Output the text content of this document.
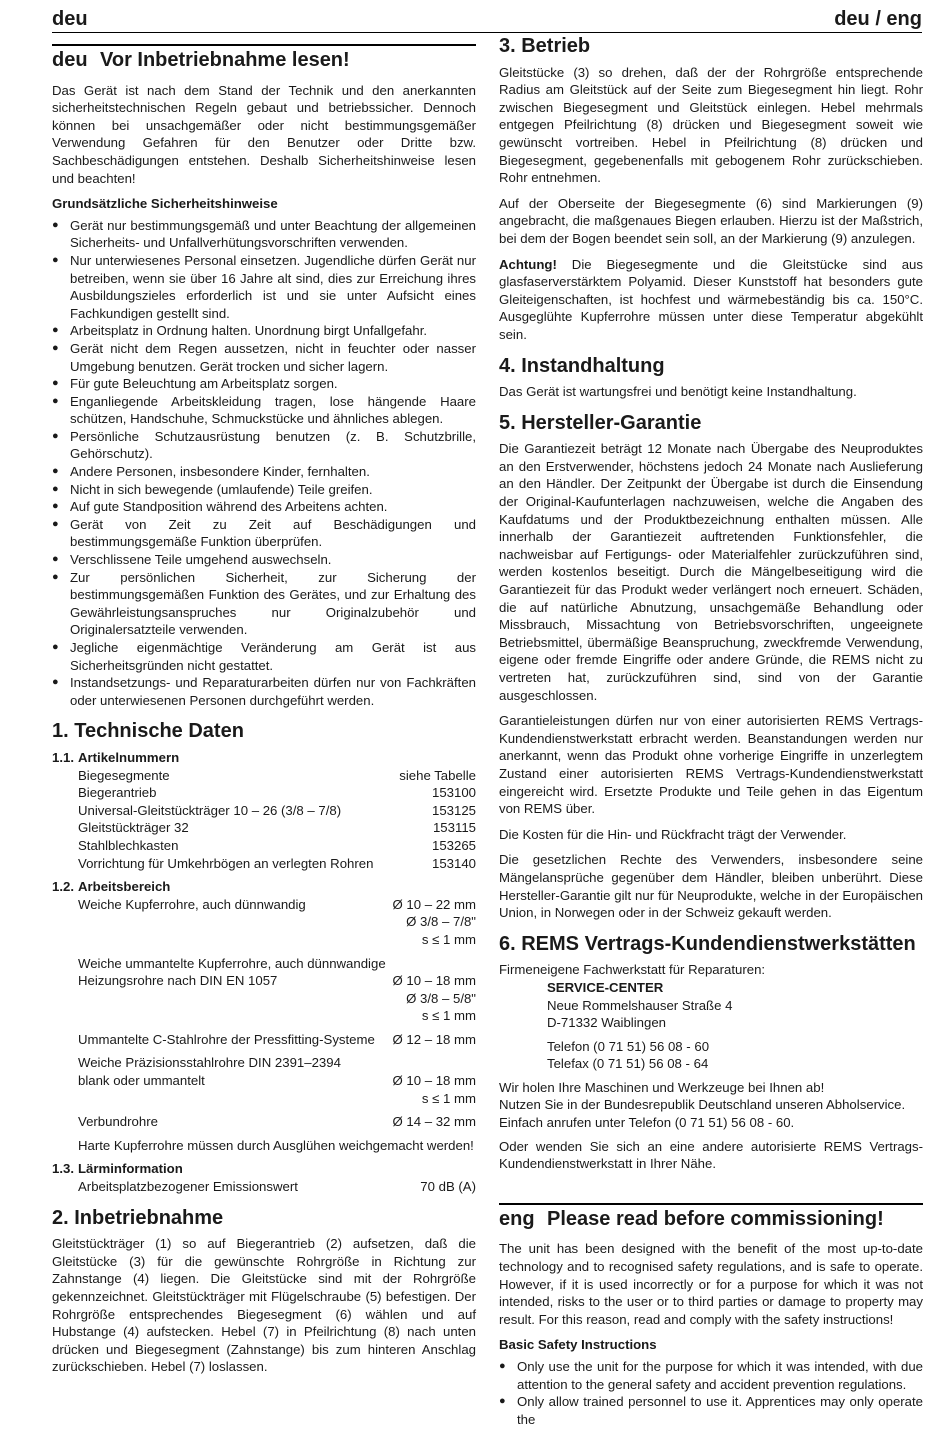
deu	deu / eng
deu Vor Inbetriebnahme lesen!

Das Gerät ist nach dem Stand der Technik und den anerkannten sicherheitstechnischen Regeln gebaut und betriebssicher. Dennoch können bei unsachgemäßer oder nicht bestimmungsgemäßer Verwendung Gefahren für den Benutzer oder Dritte bzw. Sachbeschädigungen entstehen. Deshalb Sicherheitshinweise lesen und beachten!

Grundsätzliche Sicherheitshinweise
● Gerät nur bestimmungsgemäß und unter Beachtung der allgemeinen Sicherheits- und Unfallverhütungsvorschriften verwenden.
● Nur unterwiesenes Personal einsetzen. Jugendliche dürfen Gerät nur betreiben, wenn sie über 16 Jahre alt sind, dies zur Erreichung ihres Ausbildungszieles erforderlich ist und sie unter Aufsicht eines Fachkundigen gestellt sind.
● Arbeitsplatz in Ordnung halten. Unordnung birgt Unfallgefahr.
● Gerät nicht dem Regen aussetzen, nicht in feuchter oder nasser Umgebung benutzen. Gerät trocken und sicher lagern.
● Für gute Beleuchtung am Arbeitsplatz sorgen.
● Enganliegende Arbeitskleidung tragen, lose hängende Haare schützen, Handschuhe, Schmuckstücke und ähnliches ablegen.
● Persönliche Schutzausrüstung benutzen (z. B. Schutzbrille, Gehörschutz).
● Andere Personen, insbesondere Kinder, fernhalten.
● Nicht in sich bewegende (umlaufende) Teile greifen.
● Auf gute Standposition während des Arbeitens achten.
● Gerät von Zeit zu Zeit auf Beschädigungen und bestimmungsgemäße Funktion überprüfen.
● Verschlissene Teile umgehend auswechseln.
● Zur persönlichen Sicherheit, zur Sicherung der bestimmungsgemäßen Funktion des Gerätes, und zur Erhaltung des Gewährleistungsanspruches nur Originalzubehör und Originalersatzteile verwenden.
● Jegliche eigenmächtige Veränderung am Gerät ist aus Sicherheitsgründen nicht gestattet.
● Instandsetzungs- und Reparaturarbeiten dürfen nur von Fachkräften oder unterwiesenen Personen durchgeführt werden.
1. Technische Daten
1.1. Artikelnummern
Biegesegmente	siehe Tabelle
Biegerantrieb	153100
Universal-Gleitstückträger 10 – 26 (3/8 – 7/8)	153125
Gleitstückträger 32	153115
Stahlblechkasten	153265
Vorrichtung für Umkehrbögen an verlegten Rohren	153140
1.2. Arbeitsbereich
Weiche Kupferrohre, auch dünnwandig	Ø 10 – 22 mm
Ø 3/8 – 7/8"
s ≤ 1 mm
Weiche ummantelte Kupferrohre, auch dünnwandige
Heizungsrohre nach DIN EN 1057	Ø 10 – 18 mm
Ø 3/8 – 5/8"
s ≤ 1 mm
Ummantelte C-Stahlrohre der Pressfitting-Systeme Ø 12 – 18 mm
Weiche Präzisionsstahlrohre DIN 2391–2394
blank oder ummantelt	Ø 10 – 18 mm
s ≤ 1 mm
Verbundrohre	Ø 14 – 32 mm
Harte Kupferrohre müssen durch Ausglühen weichgemacht werden!
1.3. Lärminformation
Arbeitsplatzbezogener Emissionswert	70 dB (A)
2. Inbetriebnahme

Gleitstückträger (1) so auf Biegerantrieb (2) aufsetzen, daß die Gleitstücke (3) für die gewünschte Rohrgröße in Richtung zur Zahnstange (4) liegen. Die Gleitstücke sind mit der Rohrgröße gekennzeichnet. Gleitstückträger mit Flügelschraube (5) befestigen. Der Rohrgröße entsprechendes Biegesegment (6) wählen und auf Hubstange (4) aufstecken. Hebel (7) in Pfeilrichtung (8) nach unten drücken und Biegesegment (Zahnstange) bis zum hinteren Anschlag zurückschieben. Hebel (7) loslassen.

3. Betrieb

Gleitstücke (3) so drehen, daß der der Rohrgröße entsprechende Radius am Gleitstück auf der Seite zum Biegesegment hin liegt. Rohr zwischen Biegesegment und Gleitstück einlegen. Hebel mehrmals entgegen Pfeilrichtung (8) drücken und Biegesegment soweit wie gewünscht vortreiben. Hebel in Pfeilrichtung (8) drücken und Biegesegment, gegebenenfalls mit gebogenem Rohr zurückschieben. Rohr entnehmen.

Auf der Oberseite der Biegesegmente (6) sind Markierungen (9) angebracht, die maßgenaues Biegen erlauben. Hierzu ist der Maßstrich, bei dem der Bogen beendet sein soll, an der Markierung (9) anzulegen.

Achtung! Die Biegesegmente und die Gleitstücke sind aus glasfaserverstärktem Polyamid. Dieser Kunststoff hat besonders gute Gleiteigenschaften, ist hochfest und wärmebeständig bis ca. 150°C. Ausgeglühte Kupferrohre müssen unter diese Temperatur abgekühlt sein.

4. Instandhaltung

Das Gerät ist wartungsfrei und benötigt keine Instandhaltung.

5. Hersteller-Garantie

Die Garantiezeit beträgt 12 Monate nach Übergabe des Neuproduktes an den Erstverwender, höchstens jedoch 24 Monate nach Auslieferung an den Händler. Der Zeitpunkt der Übergabe ist durch die Einsendung der Original-Kaufunterlagen nachzuweisen, welche die Angaben des Kaufdatums und der Produktbezeichnung enthalten müssen. Alle innerhalb der Garantiezeit auftretenden Funktionsfehler, die nachweisbar auf Fertigungs- oder Materialfehler zurückzuführen sind, werden kostenlos beseitigt. Durch die Mängelbeseitigung wird die Garantiezeit für das Produkt weder verlängert noch erneuert. Schäden, die auf natürliche Abnutzung, unsachgemäße Behandlung oder Missbrauch, Missachtung von Betriebsvorschriften, ungeeignete Betriebsmittel, übermäßige Beanspruchung, zweckfremde Verwendung, eigene oder fremde Eingriffe oder andere Gründe, die REMS nicht zu vertreten hat, zurückzuführen sind, sind von der Garantie ausgeschlossen.

Garantieleistungen dürfen nur von einer autorisierten REMS Vertrags-Kundendienstwerkstatt erbracht werden. Beanstandungen werden nur anerkannt, wenn das Produkt ohne vorherige Eingriffe in unzerlegtem Zustand einer autorisierten REMS Vertrags-Kundendienstwerkstatt eingereicht wird. Ersetzte Produkte und Teile gehen in das Eigentum von REMS über.

Die Kosten für die Hin- und Rückfracht trägt der Verwender.

Die gesetzlichen Rechte des Verwenders, insbesondere seine Mängelansprüche gegenüber dem Händler, bleiben unberührt. Diese Hersteller-Garantie gilt nur für Neuprodukte, welche in der Europäischen Union, in Norwegen oder in der Schweiz gekauft werden.

6. REMS Vertrags-Kundendienstwerkstätten
Firmeneigene Fachwerkstatt für Reparaturen:
SERVICE-CENTER
Neue Rommelshauser Straße 4
D-71332 Waiblingen
Telefon (0 71 51) 56 08 - 60
Telefax (0 71 51) 56 08 - 64
Wir holen Ihre Maschinen und Werkzeuge bei Ihnen ab!
Nutzen Sie in der Bundesrepublik Deutschland unseren Abholservice.
Einfach anrufen unter Telefon (0 71 51) 56 08 - 60.

Oder wenden Sie sich an eine andere autorisierte REMS Vertrags-Kundendienstwerkstatt in Ihrer Nähe.

eng Please read before commissioning!

The unit has been designed with the benefit of the most up-to-date technology and to recognised safety regulations, and is safe to operate. However, if it is used incorrectly or for a purpose for which it was not intended, risks to the user or to third parties or damage to property may result. For this reason, read and comply with the safety instructions!

Basic Safety Instructions
● Only use the unit for the purpose for which it was intended, with due attention to the general safety and accident prevention regulations.
● Only allow trained personnel to use it. Apprentices may only operate the
